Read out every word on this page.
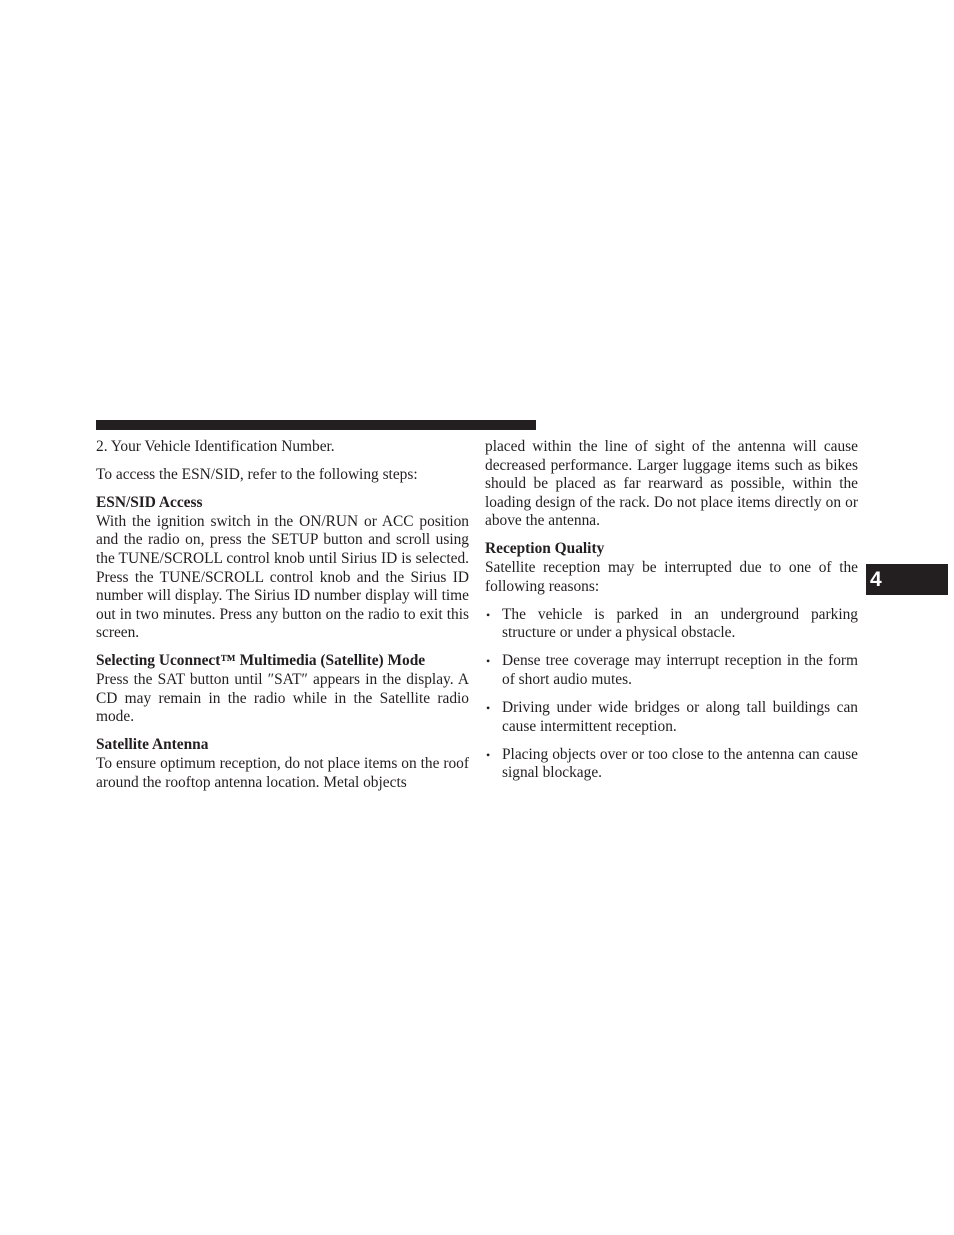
2. Your Vehicle Identification Number.

To access the ESN/SID, refer to the following steps:

ESN/SID Access

With the ignition switch in the ON/RUN or ACC position and the radio on, press the SETUP button and scroll using the TUNE/SCROLL control knob until Sirius ID is selected. Press the TUNE/SCROLL control knob and the Sirius ID number will display. The Sirius ID number display will time out in two minutes. Press any button on the radio to exit this screen.

Selecting Uconnect™ Multimedia (Satellite) Mode

Press the SAT button until ″SAT″ appears in the display. A CD may remain in the radio while in the Satellite radio mode.

Satellite Antenna

To ensure optimum reception, do not place items on the roof around the rooftop antenna location. Metal objects

placed within the line of sight of the antenna will cause decreased performance. Larger luggage items such as bikes should be placed as far rearward as possible, within the loading design of the rack. Do not place items directly on or above the antenna.

Reception Quality

Satellite reception may be interrupted due to one of the following reasons:

• The vehicle is parked in an underground parking structure or under a physical obstacle.
• Dense tree coverage may interrupt reception in the form of short audio mutes.
• Driving under wide bridges or along tall buildings can cause intermittent reception.
• Placing objects over or too close to the antenna can cause signal blockage.
4
